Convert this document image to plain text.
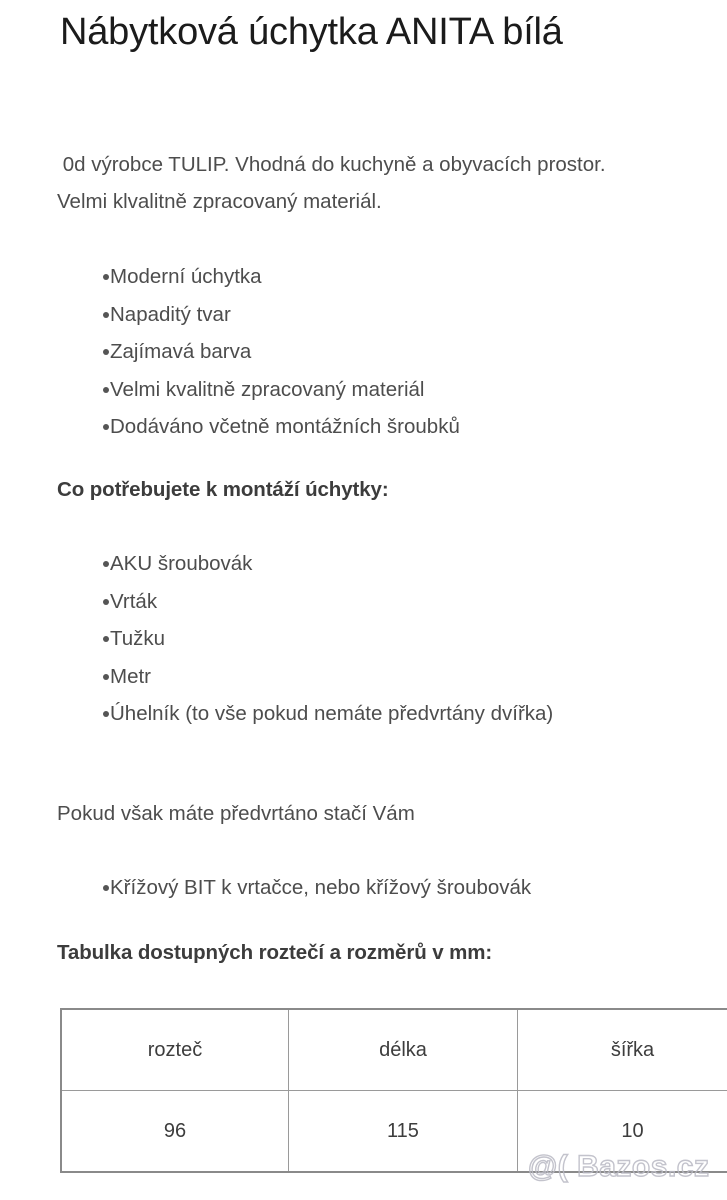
Nábytková úchytka ANITA bílá

0d výrobce TULIP. Vhodná do kuchyně a obyvacích prostor. Velmi klvalitně zpracovaný materiál.

Moderní úchytka
Napaditý tvar
Zajímavá barva
Velmi kvalitně zpracovaný materiál
Dodáváno včetně montážních šroubků

Co potřebujete k montáží úchytky:

AKU šroubovák
Vrták
Tužku
Metr
Úhelník (to vše pokud nemáte předvrtány dvířka)

Pokud však máte předvrtáno stačí Vám

Křížový BIT k vrtačce, nebo křížový šroubovák

Tabulka dostupných roztečí a rozměrů v mm:

rozteč	délka	šířka
96	115	10
@( Bazos.cz
